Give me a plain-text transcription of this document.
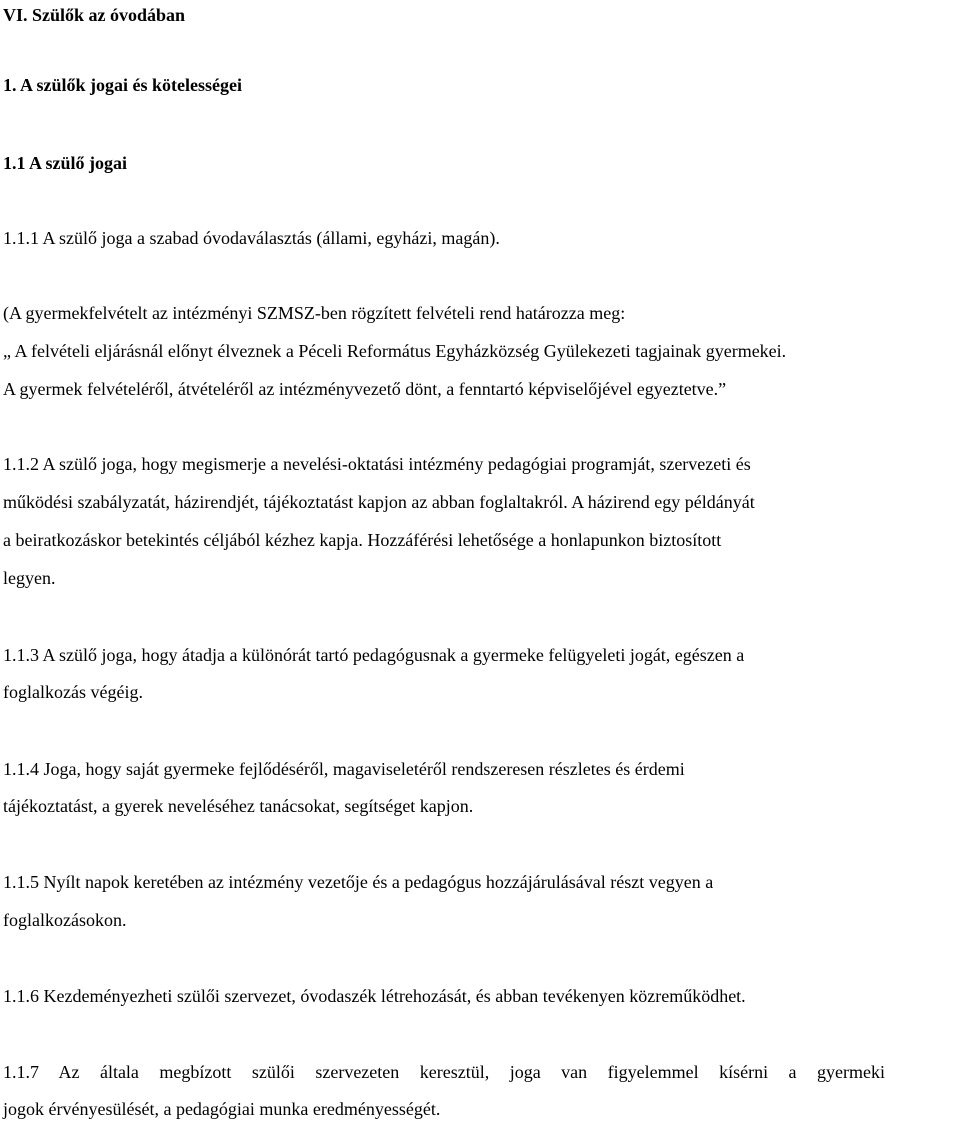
VI. Szülők az óvodában
1. A szülők jogai és kötelességei
1.1 A szülő jogai
1.1.1 A szülő joga a szabad óvodaválasztás (állami, egyházi, magán).
(A gyermekfelvételt az intézményi SZMSZ-ben rögzített felvételi rend határozza meg:
„ A felvételi eljárásnál előnyt élveznek a Péceli Református Egyházközség Gyülekezeti tagjainak gyermekei.
A gyermek felvételéről, átvételéről az intézményvezető dönt, a fenntartó képviselőjével egyeztetve.”
1.1.2 A szülő joga, hogy megismerje a nevelési-oktatási intézmény pedagógiai programját, szervezeti és
működési szabályzatát, házirendjét, tájékoztatást kapjon az abban foglaltakról. A házirend egy példányát
a beiratkozáskor betekintés céljából kézhez kapja. Hozzáférési lehetősége a honlapunkon biztosított
legyen.
1.1.3 A szülő joga, hogy átadja a különórát tartó pedagógusnak a gyermeke felügyeleti jogát, egészen a
foglalkozás végéig.
1.1.4 Joga, hogy saját gyermeke fejlődéséről, magaviseletéről rendszeresen részletes és érdemi
tájékoztatást, a gyerek neveléséhez tanácsokat, segítséget kapjon.
1.1.5 Nyílt napok keretében az intézmény vezetője és a pedagógus hozzájárulásával részt vegyen a
foglalkozásokon.
1.1.6 Kezdeményezheti szülői szervezet, óvodaszék létrehozását, és abban tevékenyen közreműködhet.
1.1.7 Az általa megbízott szülői szervezeten keresztül, joga van figyelemmel kísérni a gyermeki
jogok érvényesülését, a pedagógiai munka eredményességét.
